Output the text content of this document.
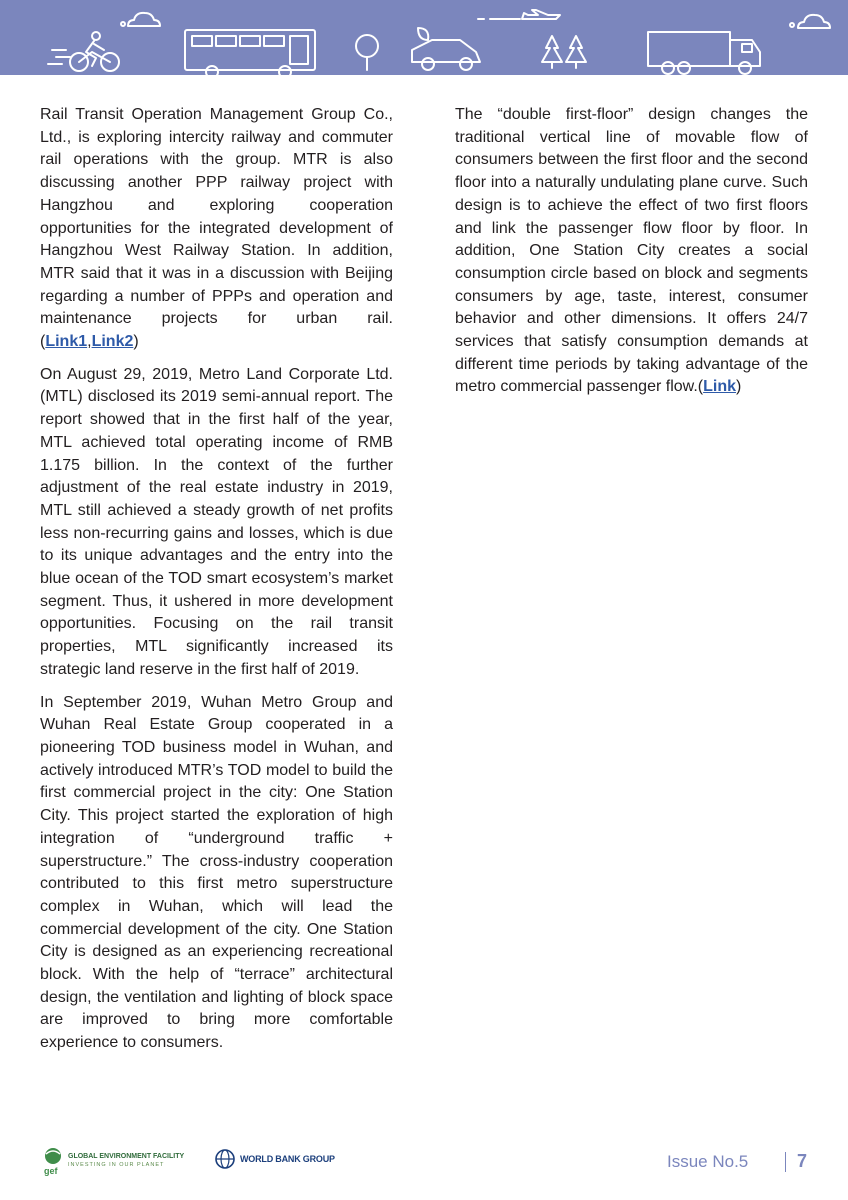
Rail Transit Operation Management Group Co., Ltd., is exploring intercity railway and commuter rail operations with the group. MTR is also discussing another PPP railway project with Hangzhou and exploring cooperation opportunities for the integrated development of Hangzhou West Railway Station. In addition, MTR said that it was in a discussion with Beijing regarding a number of PPPs and operation and maintenance projects for urban rail. (Link1,Link2)

On August 29, 2019, Metro Land Corporate Ltd. (MTL) disclosed its 2019 semi-annual report. The report showed that in the first half of the year, MTL achieved total operating income of RMB 1.175 billion. In the context of the further adjustment of the real estate industry in 2019, MTL still achieved a steady growth of net profits less non-recurring gains and losses, which is due to its unique advantages and the entry into the blue ocean of the TOD smart ecosystem’s market segment. Thus, it ushered in more development opportunities. Focusing on the rail transit properties, MTL significantly increased its strategic land reserve in the first half of 2019.

In September 2019, Wuhan Metro Group and Wuhan Real Estate Group cooperated in a pioneering TOD business model in Wuhan, and actively introduced MTR’s TOD model to build the first commercial project in the city: One Station City. This project started the exploration of high integration of “underground traffic + superstructure.” The cross-industry cooperation contributed to this first metro superstructure complex in Wuhan, which will lead the commercial development of the city. One Station City is designed as an experiencing recreational block. With the help of “terrace” architectural design, the ventilation and lighting of block space are improved to bring more comfortable experience to consumers.

The “double first-floor” design changes the traditional vertical line of movable flow of consumers between the first floor and the second floor into a naturally undulating plane curve. Such design is to achieve the effect of two first floors and link the passenger flow floor by floor. In addition, One Station City creates a social consumption circle based on block and segments consumers by age, taste, interest, consumer behavior and other dimensions. It offers 24/7 services that satisfy consumption demands at different time periods by taking advantage of the metro commercial passenger flow.(Link)

gef
GLOBAL ENVIRONMENT FACILITY
INVESTING IN OUR PLANET
WORLD BANK GROUP	Issue No.5	7
